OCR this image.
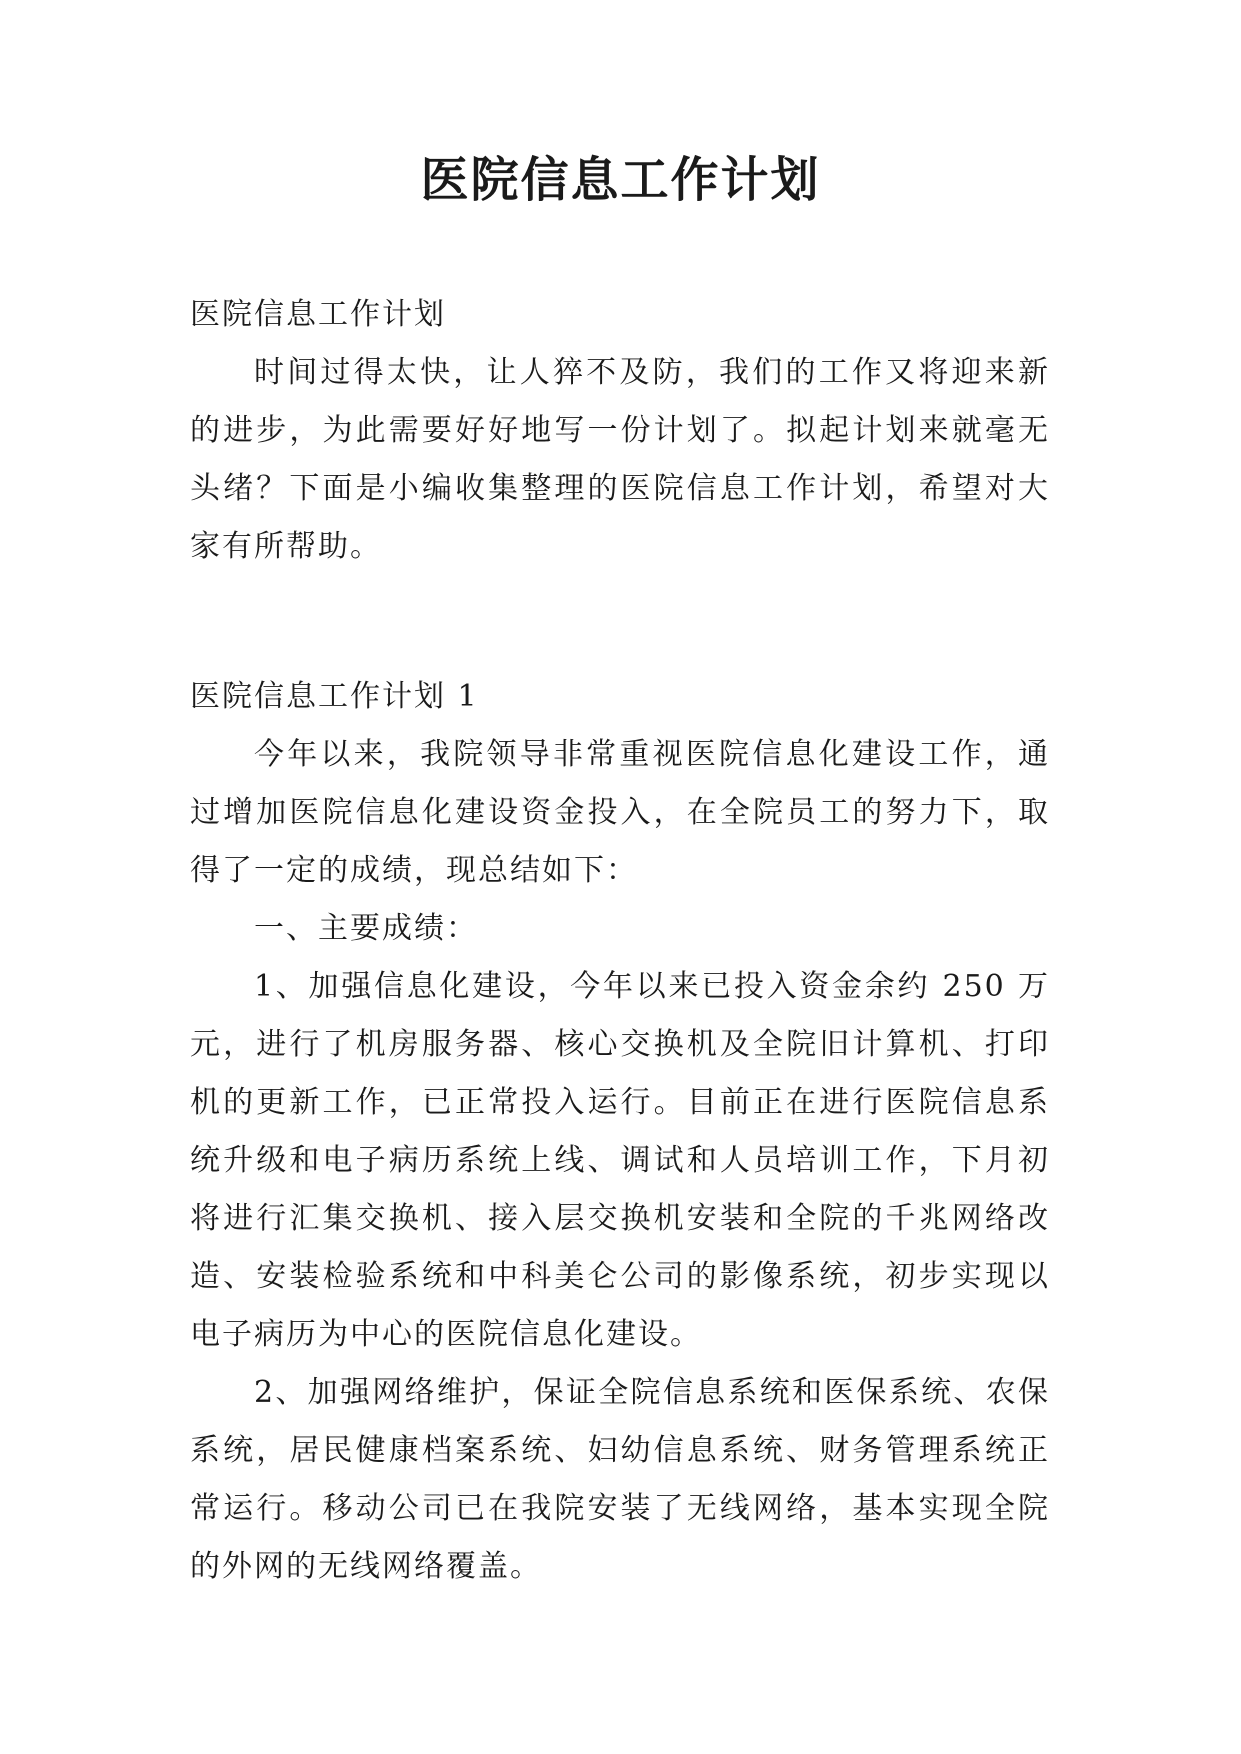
医院信息工作计划

医院信息工作计划

时间过得太快，让人猝不及防，我们的工作又将迎来新的进步，为此需要好好地写一份计划了。拟起计划来就毫无头绪？下面是小编收集整理的医院信息工作计划，希望对大家有所帮助。

医院信息工作计划 1

今年以来，我院领导非常重视医院信息化建设工作，通过增加医院信息化建设资金投入，在全院员工的努力下，取得了一定的成绩，现总结如下：

一、主要成绩：

1、加强信息化建设，今年以来已投入资金余约 250 万元，进行了机房服务器、核心交换机及全院旧计算机、打印机的更新工作，已正常投入运行。目前正在进行医院信息系统升级和电子病历系统上线、调试和人员培训工作，下月初将进行汇集交换机、接入层交换机安装和全院的千兆网络改造、安装检验系统和中科美仑公司的影像系统，初步实现以电子病历为中心的医院信息化建设。

2、加强网络维护，保证全院信息系统和医保系统、农保系统，居民健康档案系统、妇幼信息系统、财务管理系统正常运行。移动公司已在我院安装了无线网络，基本实现全院的外网的无线网络覆盖。
